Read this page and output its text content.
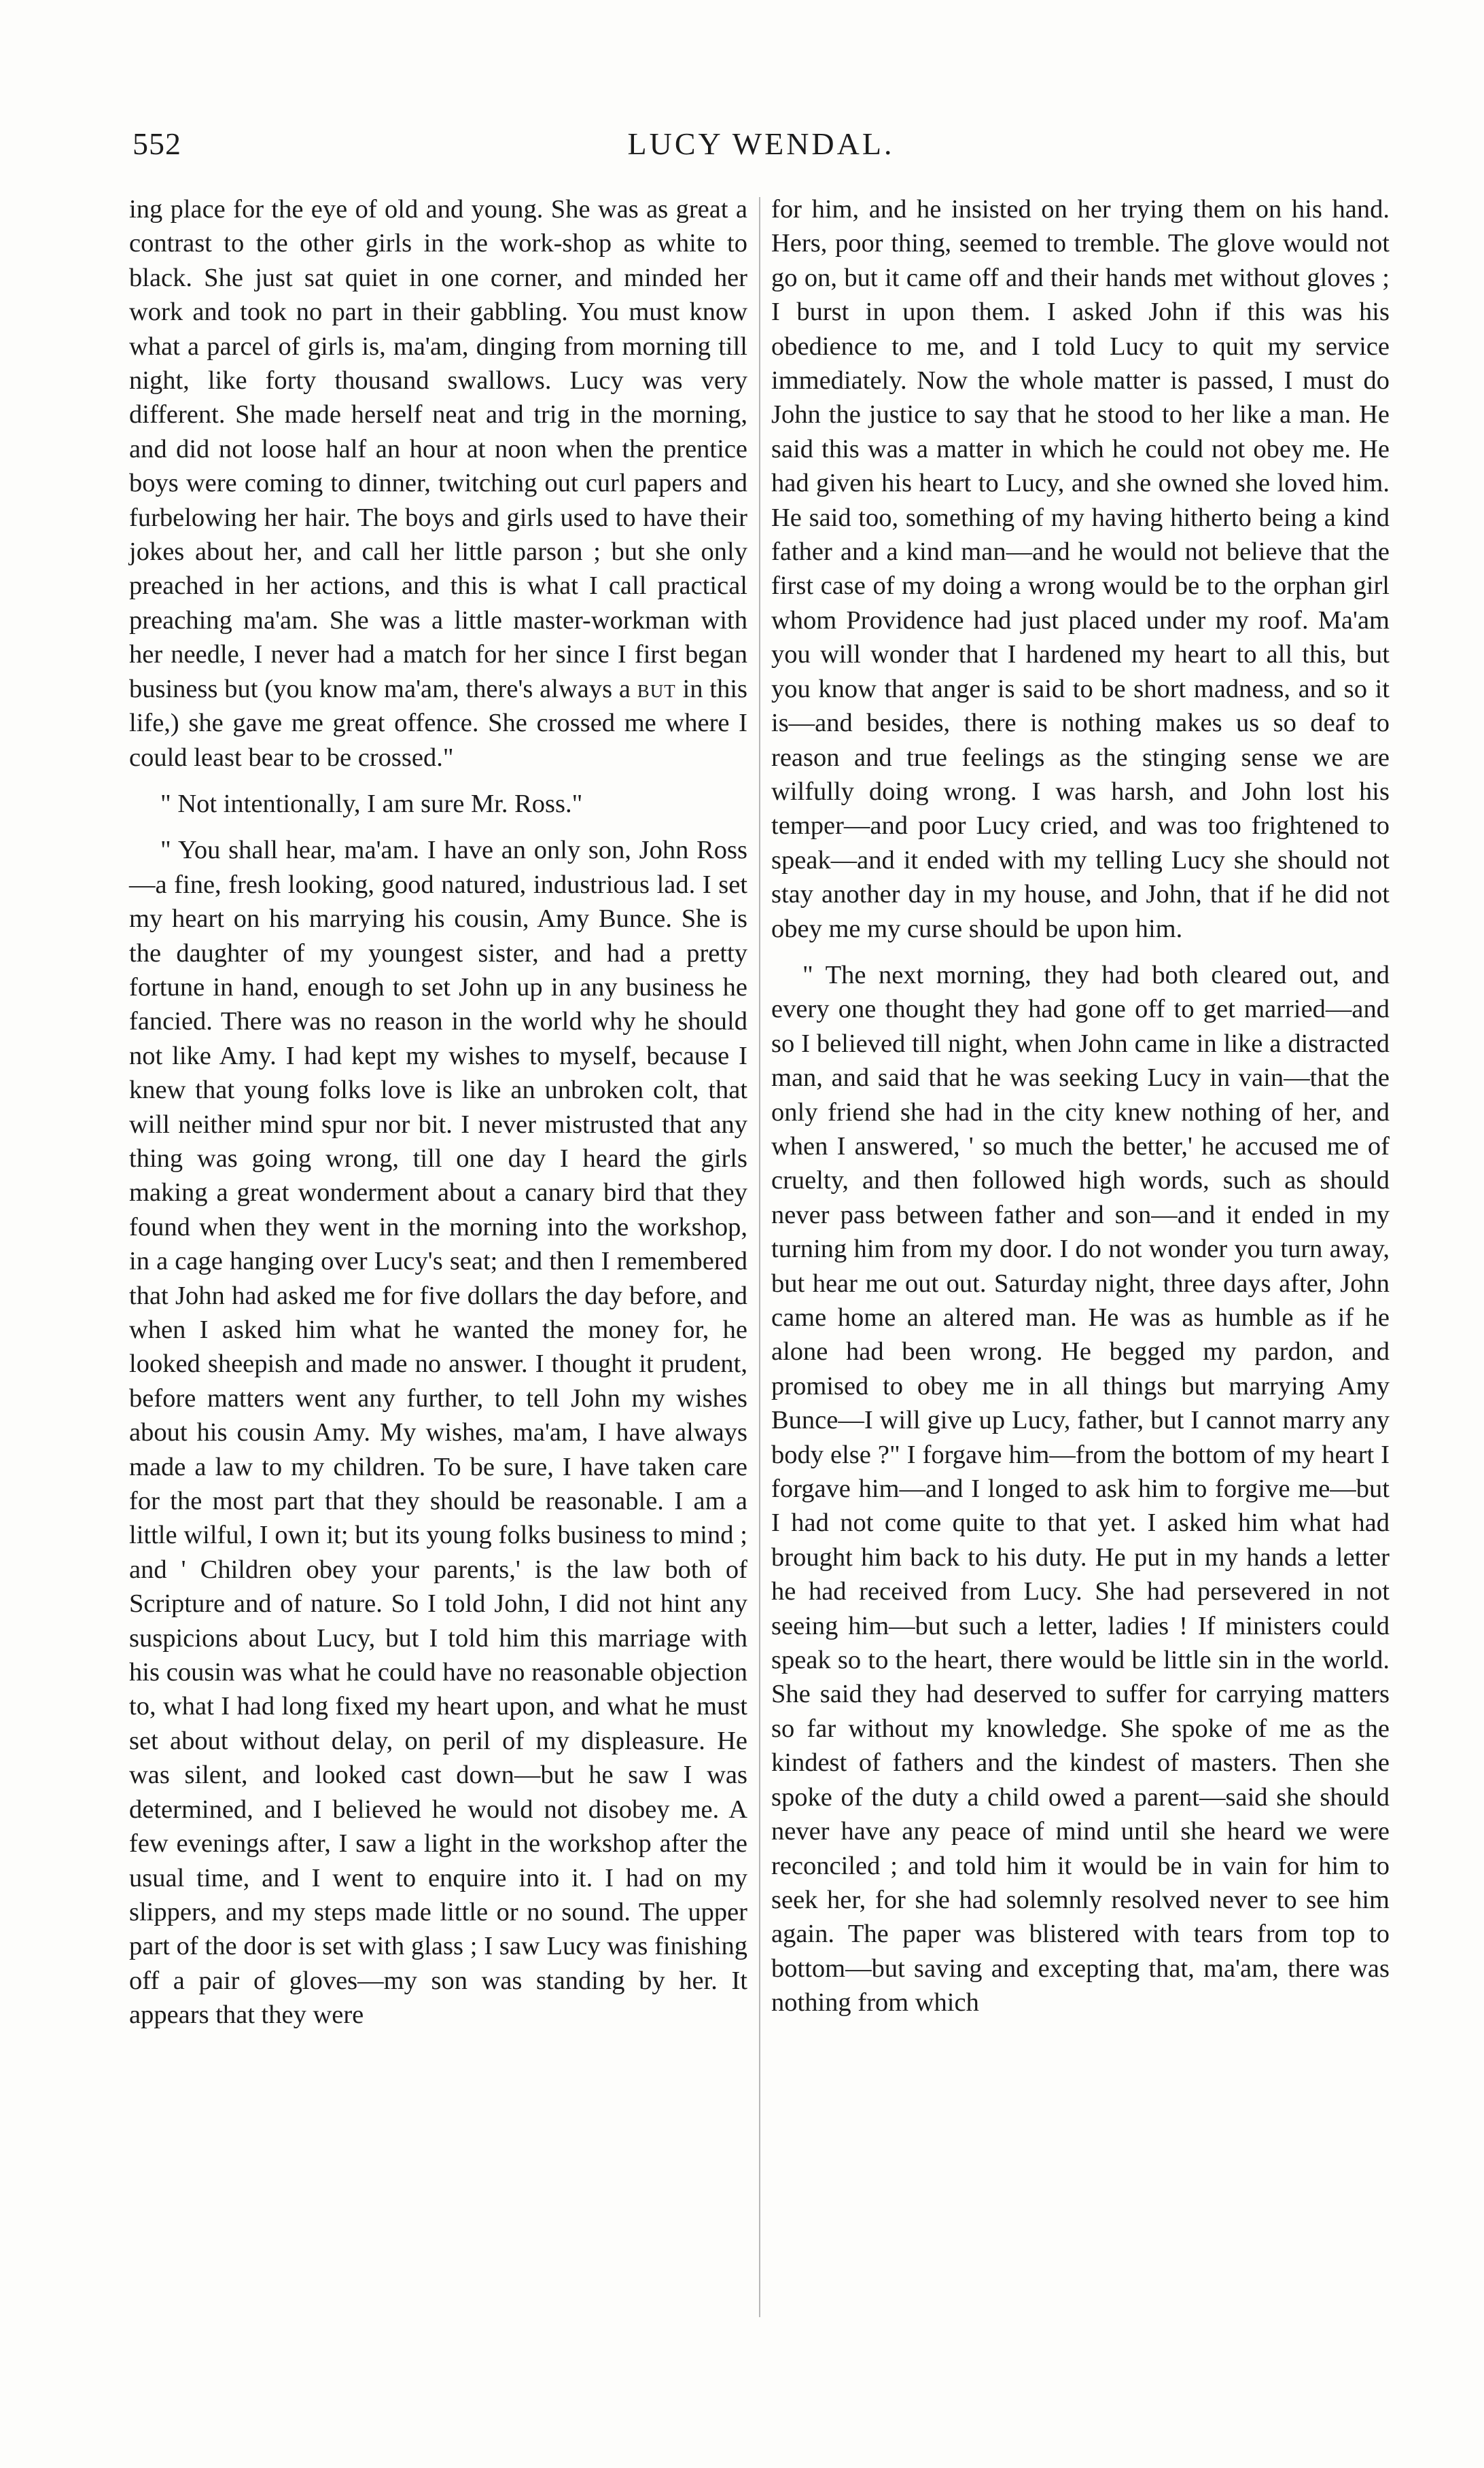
552	LUCY WENDAL.

ing place for the eye of old and young. She was as great a contrast to the other girls in the work-shop as white to black. She just sat quiet in one corner, and minded her work and took no part in their gabbling. You must know what a parcel of girls is, ma'am, dinging from morning till night, like forty thousand swallows. Lucy was very different. She made herself neat and trig in the morning, and did not loose half an hour at noon when the prentice boys were coming to dinner, twitching out curl papers and furbelowing her hair. The boys and girls used to have their jokes about her, and call her little parson ; but she only preached in her actions, and this is what I call practical preaching ma'am. She was a little master-workman with her needle, I never had a match for her since I first began business but (you know ma'am, there's always a but in this life,) she gave me great offence. She crossed me where I could least bear to be crossed."

" Not intentionally, I am sure Mr. Ross."

" You shall hear, ma'am. I have an only son, John Ross—a fine, fresh looking, good natured, industrious lad. I set my heart on his marrying his cousin, Amy Bunce. She is the daughter of my youngest sister, and had a pretty fortune in hand, enough to set John up in any business he fancied. There was no reason in the world why he should not like Amy. I had kept my wishes to myself, because I knew that young folks love is like an unbroken colt, that will neither mind spur nor bit. I never mistrusted that any thing was going wrong, till one day I heard the girls making a great wonderment about a canary bird that they found when they went in the morning into the workshop, in a cage hanging over Lucy's seat; and then I remembered that John had asked me for five dollars the day before, and when I asked him what he wanted the money for, he looked sheepish and made no answer. I thought it prudent, before matters went any further, to tell John my wishes about his cousin Amy. My wishes, ma'am, I have always made a law to my children. To be sure, I have taken care for the most part that they should be reasonable. I am a little wilful, I own it; but its young folks business to mind ; and ' Children obey your parents,' is the law both of Scripture and of nature. So I told John, I did not hint any suspicions about Lucy, but I told him this marriage with his cousin was what he could have no reasonable objection to, what I had long fixed my heart upon, and what he must set about without delay, on peril of my displeasure. He was silent, and looked cast down—but he saw I was determined, and I believed he would not disobey me. A few evenings after, I saw a light in the workshop after the usual time, and I went to enquire into it. I had on my slippers, and my steps made little or no sound. The upper part of the door is set with glass ; I saw Lucy was finishing off a pair of gloves—my son was standing by her. It appears that they were

for him, and he insisted on her trying them on his hand. Hers, poor thing, seemed to tremble. The glove would not go on, but it came off and their hands met without gloves ; I burst in upon them. I asked John if this was his obedience to me, and I told Lucy to quit my service immediately. Now the whole matter is passed, I must do John the justice to say that he stood to her like a man. He said this was a matter in which he could not obey me. He had given his heart to Lucy, and she owned she loved him. He said too, something of my having hitherto being a kind father and a kind man—and he would not believe that the first case of my doing a wrong would be to the orphan girl whom Providence had just placed under my roof. Ma'am you will wonder that I hardened my heart to all this, but you know that anger is said to be short madness, and so it is—and besides, there is nothing makes us so deaf to reason and true feelings as the stinging sense we are wilfully doing wrong. I was harsh, and John lost his temper—and poor Lucy cried, and was too frightened to speak—and it ended with my telling Lucy she should not stay another day in my house, and John, that if he did not obey me my curse should be upon him.

" The next morning, they had both cleared out, and every one thought they had gone off to get married—and so I believed till night, when John came in like a distracted man, and said that he was seeking Lucy in vain—that the only friend she had in the city knew nothing of her, and when I answered, ' so much the better,' he accused me of cruelty, and then followed high words, such as should never pass between father and son—and it ended in my turning him from my door. I do not wonder you turn away, but hear me out out. Saturday night, three days after, John came home an altered man. He was as humble as if he alone had been wrong. He begged my pardon, and promised to obey me in all things but marrying Amy Bunce—I will give up Lucy, father, but I cannot marry any body else ?" I forgave him—from the bottom of my heart I forgave him—and I longed to ask him to forgive me—but I had not come quite to that yet. I asked him what had brought him back to his duty. He put in my hands a letter he had received from Lucy. She had persevered in not seeing him—but such a letter, ladies ! If ministers could speak so to the heart, there would be little sin in the world. She said they had deserved to suffer for carrying matters so far without my knowledge. She spoke of me as the kindest of fathers and the kindest of masters. Then she spoke of the duty a child owed a parent—said she should never have any peace of mind until she heard we were reconciled ; and told him it would be in vain for him to seek her, for she had solemnly resolved never to see him again. The paper was blistered with tears from top to bottom—but saving and excepting that, ma'am, there was nothing from which
